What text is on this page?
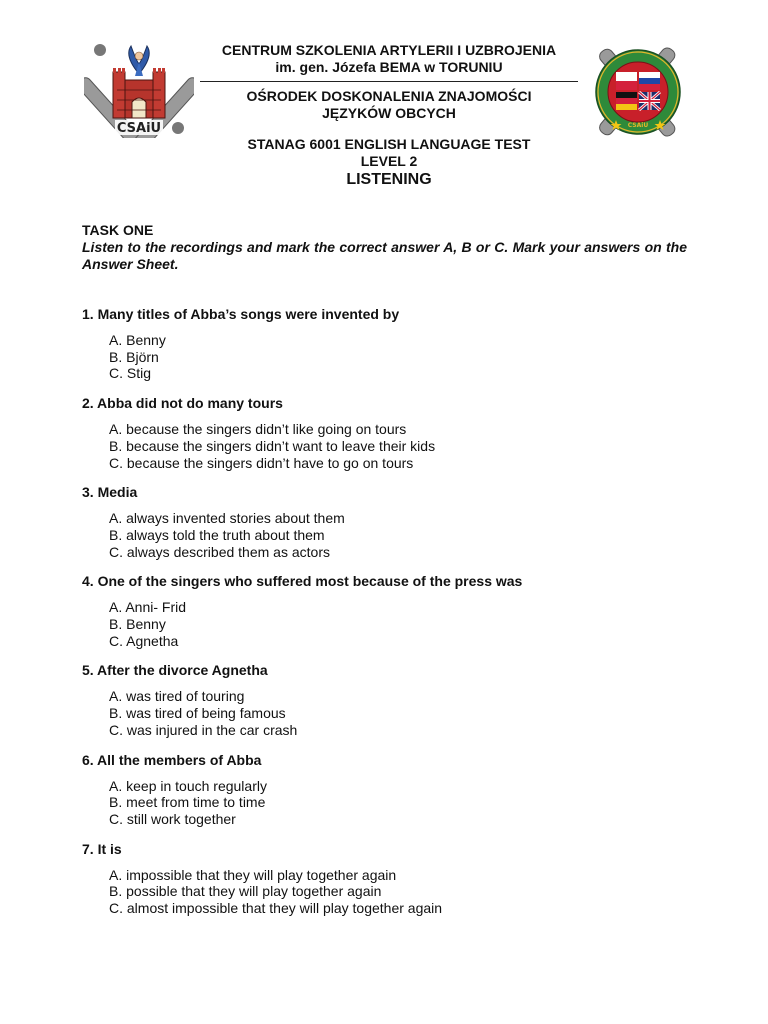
CSAiU
CENTRUM SZKOLENIA ARTYLERII I UZBROJENIA
im. gen. Józefa BEMA w TORUNIU
OŚRODEK DOSKONALENIA ZNAJOMOŚCI
JĘZYKÓW OBCYCH
STANAG 6001 ENGLISH LANGUAGE TEST
LEVEL 2
LISTENING
CSAiU
TASK ONE
Listen to the recordings and mark the correct answer A, B or C. Mark your answers on the Answer Sheet.
1. Many titles of Abba’s songs were invented by
A. Benny
B. Björn
C. Stig
2. Abba did not do many tours
A. because the singers didn’t like going on tours
B. because the singers didn’t want to leave their kids
C. because the singers didn’t have to go on tours
3. Media
A. always invented stories about them
B. always told the truth about them
C. always described them as actors
4. One of the singers who suffered most because of the press was
A. Anni- Frid
B. Benny
C. Agnetha
5. After the divorce Agnetha
A. was tired of touring
B. was tired of being famous
C. was injured in the car crash
6. All the members of Abba
A. keep in touch regularly
B. meet from time to time
C. still work together
7. It is
A. impossible that they will play together again
B. possible that they will play together again
C. almost impossible that they will play together again
